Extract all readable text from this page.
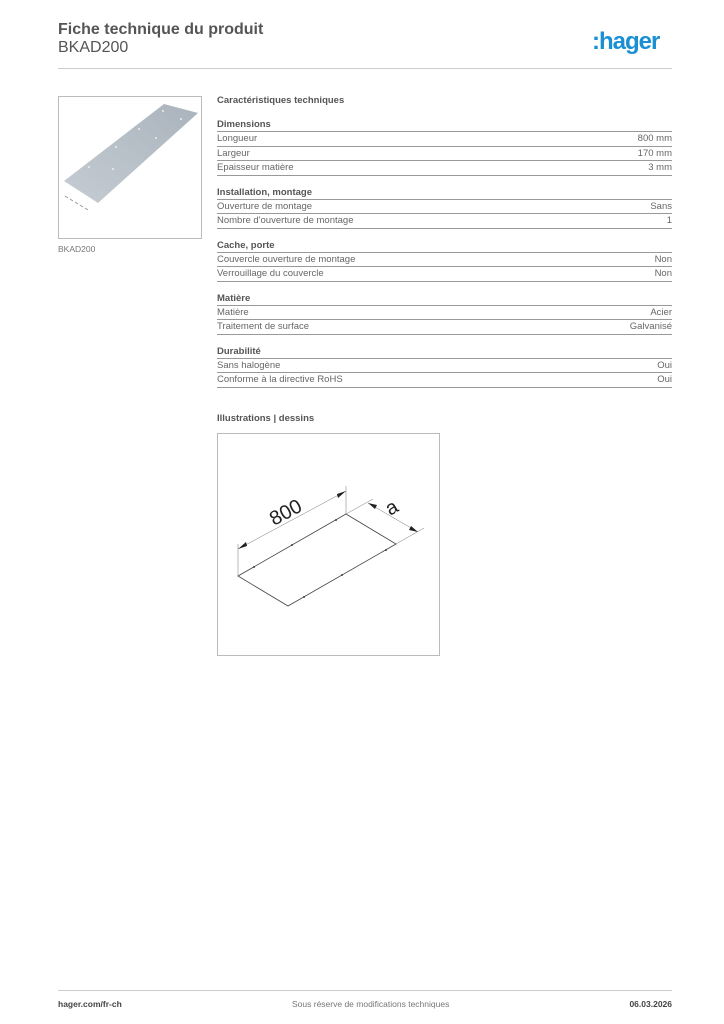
Fiche technique du produit
BKAD200	:hager
BKAD200
Caractéristiques techniques
Dimensions
Longueur	800 mm
Largeur	170 mm
Epaisseur matière	3 mm
Installation, montage
Ouverture de montage	Sans
Nombre d'ouverture de montage	1
Cache, porte
Couvercle ouverture de montage	Non
Verrouillage du couvercle	Non
Matière
Matière	Acier
Traitement de surface	Galvanisé
Durabilité
Sans halogène	Oui
Conforme à la directive RoHS	Oui
Illustrations | dessins
800	a
hager.com/fr-ch	Sous réserve de modifications techniques	06.03.2026
